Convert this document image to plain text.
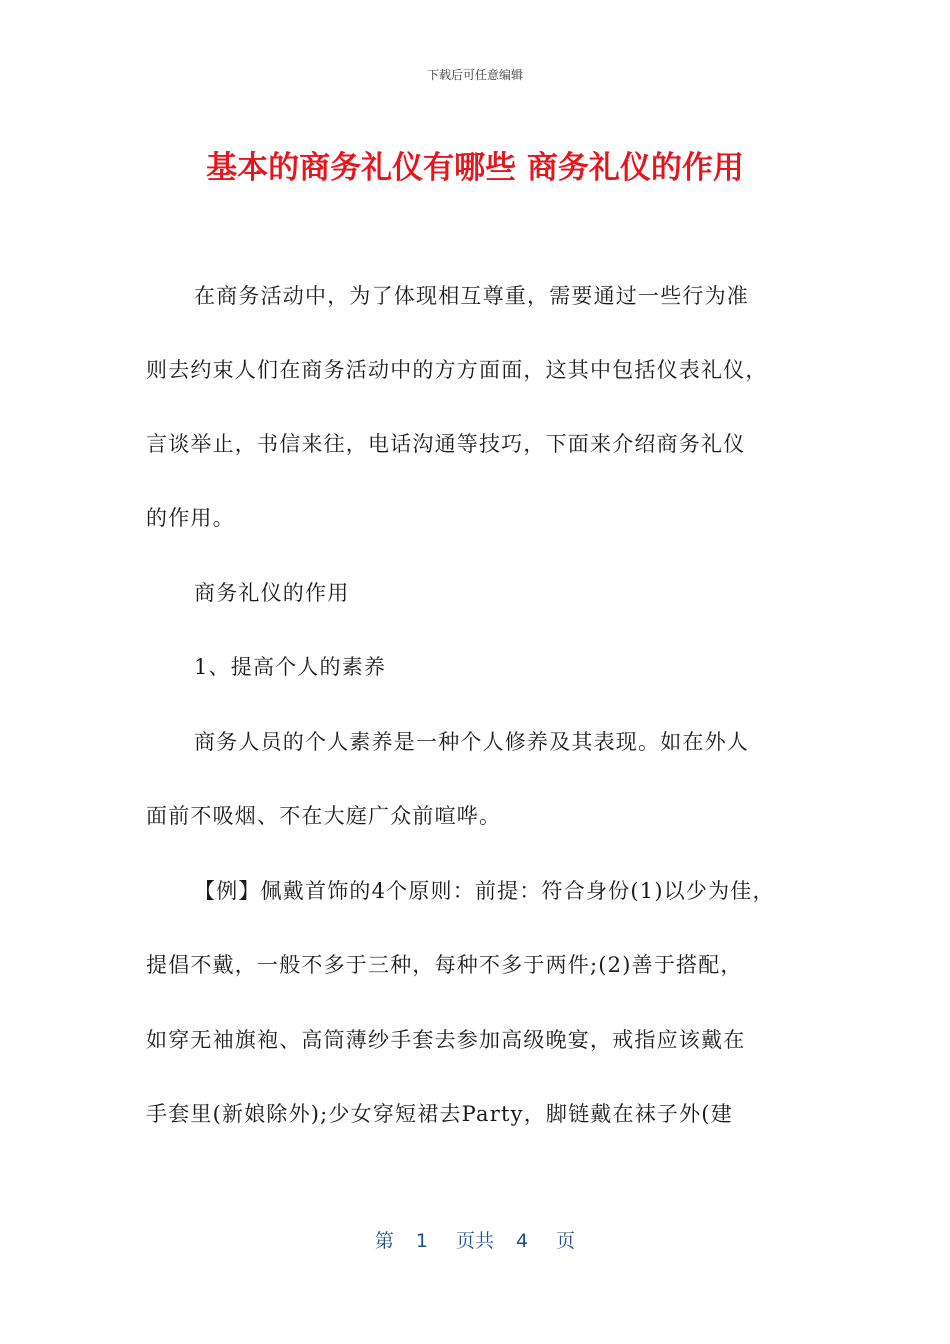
下载后可任意编辑
基本的商务礼仪有哪些 商务礼仪的作用
在商务活动中，为了体现相互尊重，需要通过一些行为准
则去约束人们在商务活动中的方方面面，这其中包括仪表礼仪，
言谈举止，书信来往，电话沟通等技巧，下面来介绍商务礼仪
的作用。
商务礼仪的作用
1、提高个人的素养
商务人员的个人素养是一种个人修养及其表现。如在外人
面前不吸烟、不在大庭广众前喧哗。
【例】佩戴首饰的4个原则：前提：符合身份(1)以少为佳，
提倡不戴，一般不多于三种，每种不多于两件;(2)善于搭配，
如穿无袖旗袍、高筒薄纱手套去参加高级晚宴，戒指应该戴在
手套里(新娘除外);少女穿短裙去Party，脚链戴在袜子外(建
第 1 页共 4 页
